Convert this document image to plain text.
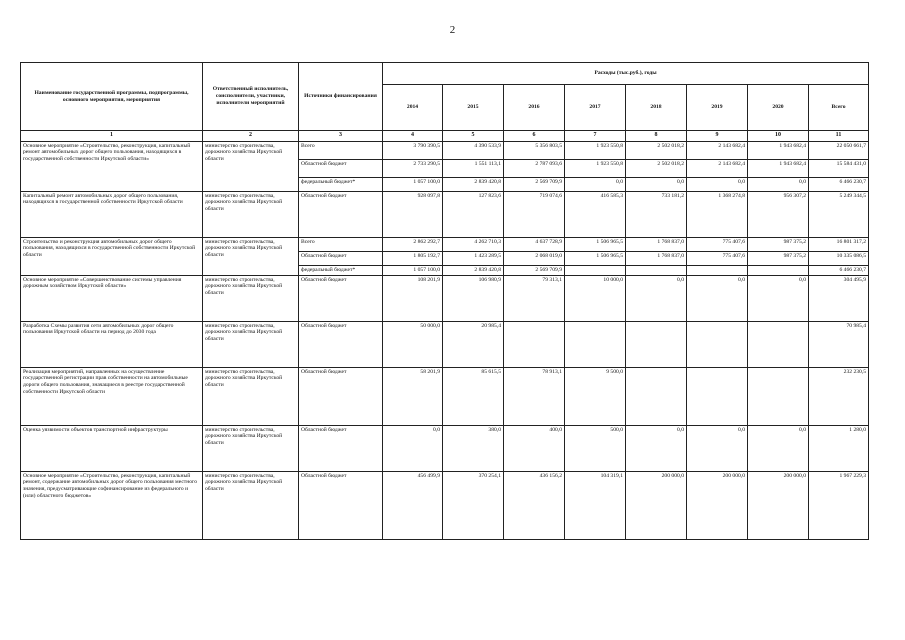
2
Наименование государственной программы, подпрограммы, основного мероприятия, мероприятия	Ответственный исполнитель, соисполнители, участники, исполнители мероприятий	Источники финансирования	Расходы (тыс.руб.), годы							
			2014	2015	2016	2017	2018	2019	2020	Всего
1	2	3	4	5	6	7	8	9	10	11
Основное мероприятие «Строительство, реконструкция, капитальный ремонт автомобильных дорог общего пользования, находящихся в государственной собственности Иркутской области»	министерство строительства, дорожного хозяйства Иркутской области	Всего	3 790 390,5	4 390 533,9	5 356 803,5	1 923 550,8	2 502 018,2	2 143 682,4	1 943 682,4	22 050 661,7
		Областной бюджет	2 733 290,5	1 551 113,1	2 787 093,6	1 923 550,8	2 502 018,2	2 143 682,4	1 943 682,4	15 584 431,0
		федеральный бюджет*	1 057 100,0	2 839 420,8	2 569 709,9	0,0	0,0	0,0	0,0	6 466 230,7
Капитальный ремонт автомобильных дорог общего пользования, находящихся в государственной собственности Иркутской области	министерство строительства, дорожного хозяйства Иркутской области	Областной бюджет	928 097,8	127 823,6	719 074,6	416 585,3	733 181,2	1 368 274,8	956 307,2	5 249 344,5
Строительство и реконструкция автомобильных дорог общего пользования, находящихся в государственной собственности Иркутской области	министерство строительства, дорожного хозяйства Иркутской области	Всего	2 862 292,7	4 262 710,3	4 637 728,9	1 506 965,5	1 768 837,0	775 407,6	987 375,2	16 801 317,2
		Областной бюджет	1 805 192,7	1 423 289,5	2 068 019,0	1 506 965,5	1 768 837,0	775 407,6	987 375,2	10 335 086,5
		федеральный бюджет*	1 057 100,0	2 839 420,8	2 569 709,9					6 466 230,7
Основное мероприятие «Совершенствование системы управления дорожным хозяйством Иркутской области»	министерство строительства, дорожного хозяйства Иркутской области	Областной бюджет	108 201,9	106 980,9	79 313,1	10 000,0	0,0	0,0	0,0	304 495,9
Разработка Схемы развития сети автомобильных дорог общего пользования Иркутской области на период до 2030 года	министерство строительства, дорожного хозяйства Иркутской области	Областной бюджет	50 000,0	20 985,4						70 985,4
Реализация мероприятий, направленных на осуществление государственной регистрации прав собственности на автомобильные дороги общего пользования, значащиеся в реестре государственной собственности Иркутской области	министерство строительства, дорожного хозяйства Иркутской области	Областной бюджет	58 201,9	85 615,5	78 913,1	9 500,0				232 230,5
Оценка уязвимости объектов транспортной инфраструктуры	министерство строительства, дорожного хозяйства Иркутской области	Областной бюджет	0,0	380,0	400,0	500,0	0,0	0,0	0,0	1 280,0
Основное мероприятие «Строительство, реконструкция, капитальный ремонт, содержание автомобильных дорог общего пользования местного значения, предусматривающие софинансирование из федерального и (или) областного бюджетов»	министерство строительства, дорожного хозяйства Иркутской области	Областной бюджет	456 499,9	370 254,1	436 156,2	104 319,1	200 000,0	200 000,0	200 000,0	1 967 229,3
